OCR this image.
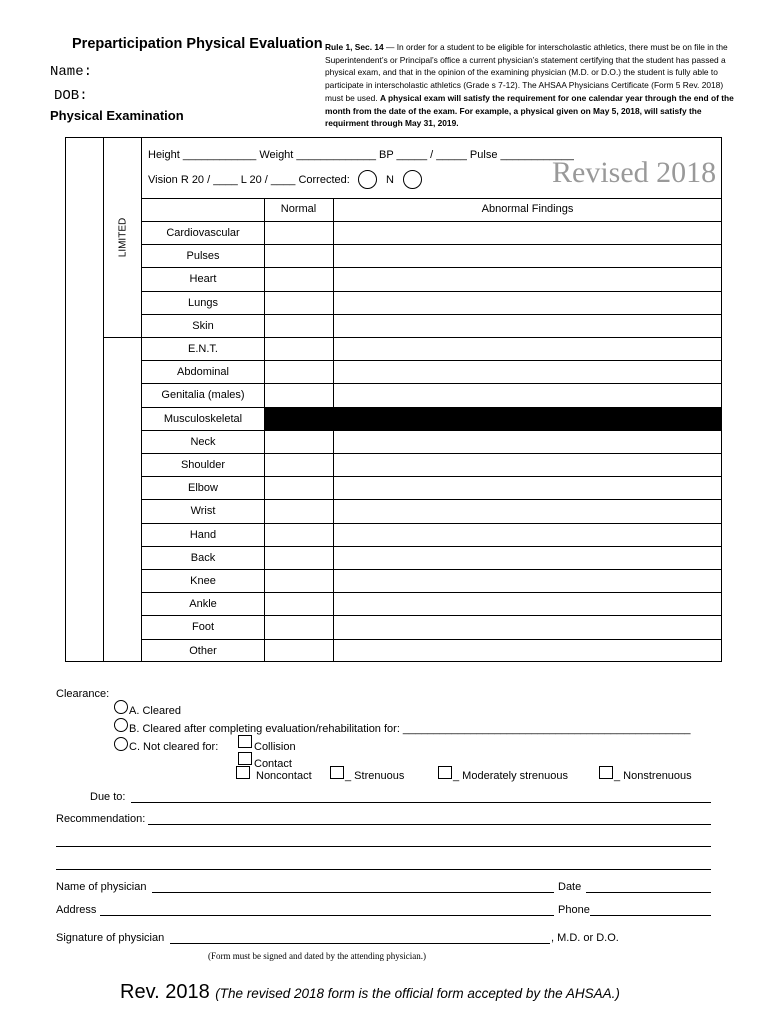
Preparticipation Physical Evaluation
Name:
DOB:
Physical Examination
Rule 1, Sec. 14 — In order for a student to be eligible for interscholastic athletics, there must be on file in the Superintendent’s or Principal’s office a current physician’s statement certifying that the student has passed a physical exam, and that in the opinion of the examining physician (M.D. or D.O.) the student is fully able to participate in interscholastic athletics (Grade s 7-12). The AHSAA Physicians Certificate (Form 5 Rev. 2018) must be used. A physical exam will satisfy the requirement for one calendar year through the end of the month from the date of the exam. For example, a physical given on May 5, 2018, will satisfy the requirment through May 31, 2019.
Revised 2018
Height ____________ Weight _____________ BP _____ / _____ Pulse ____________
Vision R 20 / ____ L 20 / ____ Corrected:	N
Normal	Abnormal Findings
LIMITED	Cardiovascular
Pulses
Heart
Lungs
Skin
E.N.T.
Abdominal
Genitalia (males)
Musculoskeletal
Neck
Shoulder
Elbow
Wrist
Hand
Back
Knee
Ankle
Foot
Other
Clearance:
A. Cleared
B. Cleared after completing evaluation/rehabilitation for: _______________________________________________
C. Not cleared for:	Collision
Contact
Noncontact	_ Strenuous	_ Moderately strenuous	_ Nonstrenuous
Due to:
Recommendation:
Name of physician	Date
Address	Phone
Signature of physician	, M.D. or D.O.
(Form must be signed and dated by the attending physician.)
Rev. 2018 (The revised 2018 form is the official form accepted by the AHSAA.)
